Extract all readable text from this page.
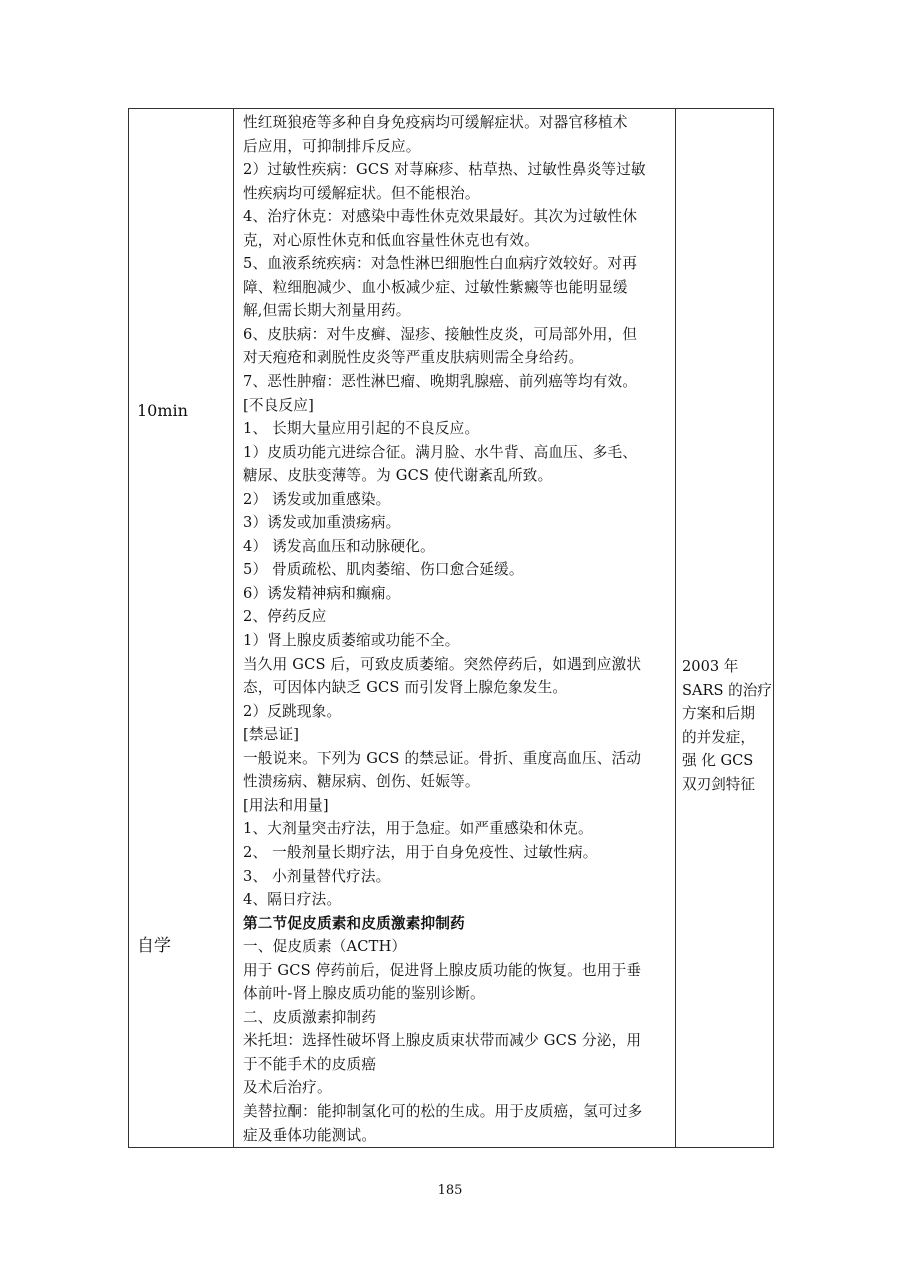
10min
自学
性红斑狼疮等多种自身免疫病均可缓解症状。对器官移植术
后应用，可抑制排斥反应。
2）过敏性疾病：GCS 对荨麻疹、枯草热、过敏性鼻炎等过敏
性疾病均可缓解症状。但不能根治。
4、治疗休克：对感染中毒性休克效果最好。其次为过敏性休
克，对心原性休克和低血容量性休克也有效。
5、血液系统疾病：对急性淋巴细胞性白血病疗效较好。对再
障、粒细胞减少、血小板减少症、过敏性紫癜等也能明显缓
解,但需长期大剂量用药。
6、皮肤病：对牛皮癣、湿疹、接触性皮炎，可局部外用，但
对天疱疮和剥脱性皮炎等严重皮肤病则需全身给药。
7、恶性肿瘤：恶性淋巴瘤、晚期乳腺癌、前列癌等均有效。
[不良反应]
1、 长期大量应用引起的不良反应。
1）皮质功能亢进综合征。满月脸、水牛背、高血压、多毛、
糖尿、皮肤变薄等。为 GCS 使代谢紊乱所致。
2） 诱发或加重感染。
3）诱发或加重溃疡病。
4） 诱发高血压和动脉硬化。
5） 骨质疏松、肌肉萎缩、伤口愈合延缓。
6）诱发精神病和癫痫。
2、停药反应
1）肾上腺皮质萎缩或功能不全。
当久用 GCS 后，可致皮质萎缩。突然停药后，如遇到应激状
态，可因体内缺乏 GCS 而引发肾上腺危象发生。
2）反跳现象。
[禁忌证]
一般说来。下列为 GCS 的禁忌证。骨折、重度高血压、活动
性溃疡病、糖尿病、创伤、妊娠等。
[用法和用量]
1、大剂量突击疗法，用于急症。如严重感染和休克。
2、 一般剂量长期疗法，用于自身免疫性、过敏性病。
3、 小剂量替代疗法。
4、隔日疗法。
第二节促皮质素和皮质激素抑制药
一、促皮质素（ACTH）
用于 GCS 停药前后，促进肾上腺皮质功能的恢复。也用于垂
体前叶-肾上腺皮质功能的鉴别诊断。
二、皮质激素抑制药
米托坦：选择性破坏肾上腺皮质束状带而减少 GCS 分泌，用
于不能手术的皮质癌
及术后治疗。
美替拉酮：能抑制氢化可的松的生成。用于皮质癌，氢可过多
症及垂体功能测试。
2003 年
SARS 的治疗
方案和后期
的并发症，
强 化 GCS
双刃剑特征
185
